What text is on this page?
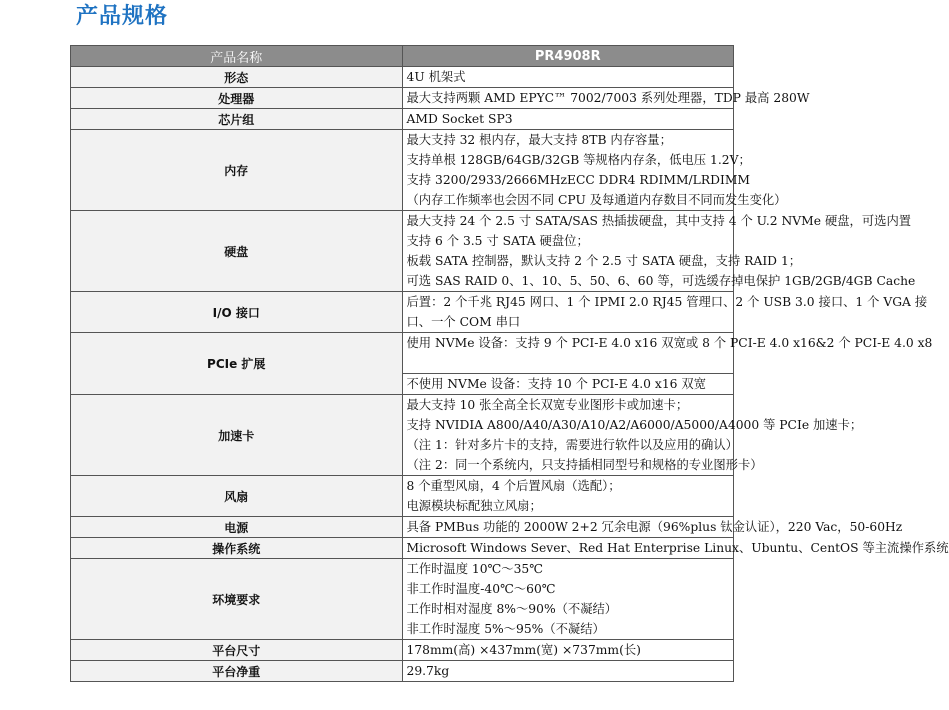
产品规格
产品名称	PR4908R
形态	4U 机架式

处理器	最大支持两颗 AMD EPYC™ 7002/7003 系列处理器，TDP 最高 280W

芯片组	AMD Socket SP3

内存	最大支持 32 根内存，最大支持 8TB 内存容量；
支持单根 128GB/64GB/32GB 等规格内存条，低电压 1.2V；
支持 3200/2933/2666MHzECC DDR4 RDIMM/LRDIMM
（内存工作频率也会因不同 CPU 及每通道内存数目不同而发生变化）

硬盘	最大支持 24 个 2.5 寸 SATA/SAS 热插拔硬盘，其中支持 4 个 U.2 NVMe 硬盘，可选内置
支持 6 个 3.5 寸 SATA 硬盘位；
板载 SATA 控制器，默认支持 2 个 2.5 寸 SATA 硬盘，支持 RAID 1；
可选 SAS RAID 0、1、10、5、50、6、60 等，可选缓存掉电保护 1GB/2GB/4GB Cache

I/O 接口	后置：2 个千兆 RJ45 网口、1 个 IPMI 2.0 RJ45 管理口、2 个 USB 3.0 接口、1 个 VGA 接
口、一个 COM 串口

PCIe 扩展	使用 NVMe 设备：支持 9 个 PCI-E 4.0 x16 双宽或 8 个 PCI-E 4.0 x16&2 个 PCI-E 4.0 x8
不使用 NVMe 设备：支持 10 个 PCI-E 4.0 x16 双宽

加速卡	最大支持 10 张全高全长双宽专业图形卡或加速卡；
支持 NVIDIA A800/A40/A30/A10/A2/A6000/A5000/A4000 等 PCIe 加速卡；
（注 1：针对多片卡的支持，需要进行软件以及应用的确认）
（注 2：同一个系统内，只支持插相同型号和规格的专业图形卡）

风扇	8 个重型风扇，4 个后置风扇（选配）；
电源模块标配独立风扇；

电源	具备 PMBus 功能的 2000W 2+2 冗余电源（96%plus 钛金认证），220 Vac，50-60Hz

操作系统	Microsoft Windows Sever、Red Hat Enterprise Linux、Ubuntu、CentOS 等主流操作系统

环境要求	工作时温度 10℃～35℃
非工作时温度-40℃～60℃
工作时相对湿度 8%～90%（不凝结）
非工作时湿度 5%～95%（不凝结）

平台尺寸	178mm(高) ×437mm(宽) ×737mm(长)

平台净重	29.7kg
